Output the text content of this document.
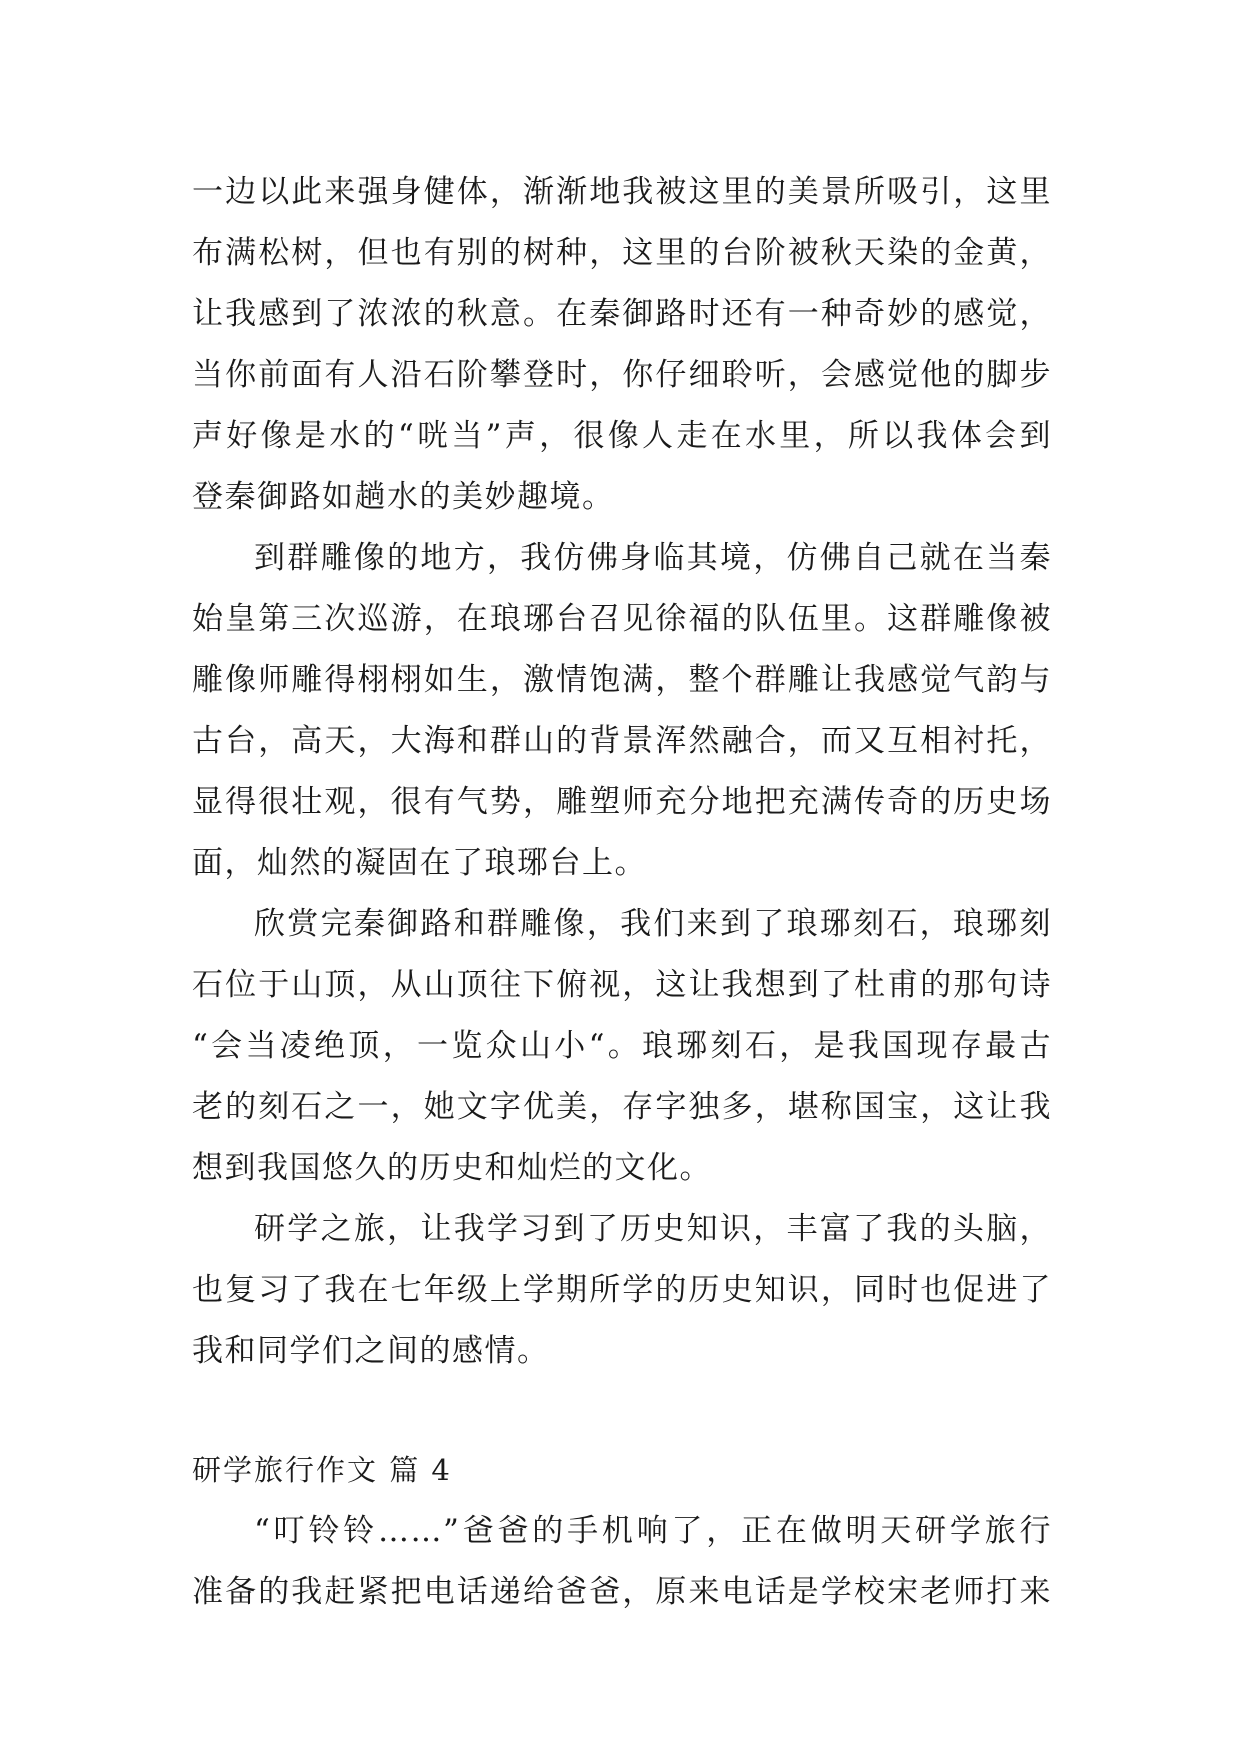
一边以此来强身健体，渐渐地我被这里的美景所吸引，这里
布满松树，但也有别的树种，这里的台阶被秋天染的金黄，
让我感到了浓浓的秋意。在秦御路时还有一种奇妙的感觉，
当你前面有人沿石阶攀登时，你仔细聆听，会感觉他的脚步
声好像是水的“咣当”声，很像人走在水里，所以我体会到
登秦御路如趟水的美妙趣境。
到群雕像的地方，我仿佛身临其境，仿佛自己就在当秦
始皇第三次巡游，在琅琊台召见徐福的队伍里。这群雕像被
雕像师雕得栩栩如生，激情饱满，整个群雕让我感觉气韵与
古台，高天，大海和群山的背景浑然融合，而又互相衬托，
显得很壮观，很有气势，雕塑师充分地把充满传奇的历史场
面，灿然的凝固在了琅琊台上。
欣赏完秦御路和群雕像，我们来到了琅琊刻石，琅琊刻
石位于山顶，从山顶往下俯视，这让我想到了杜甫的那句诗
“会当凌绝顶，一览众山小“。琅琊刻石，是我国现存最古
老的刻石之一，她文字优美，存字独多，堪称国宝，这让我
想到我国悠久的历史和灿烂的文化。
研学之旅，让我学习到了历史知识，丰富了我的头脑，
也复习了我在七年级上学期所学的历史知识，同时也促进了
我和同学们之间的感情。
研学旅行作文 篇 4
“叮铃铃……”爸爸的手机响了，正在做明天研学旅行
准备的我赶紧把电话递给爸爸，原来电话是学校宋老师打来
